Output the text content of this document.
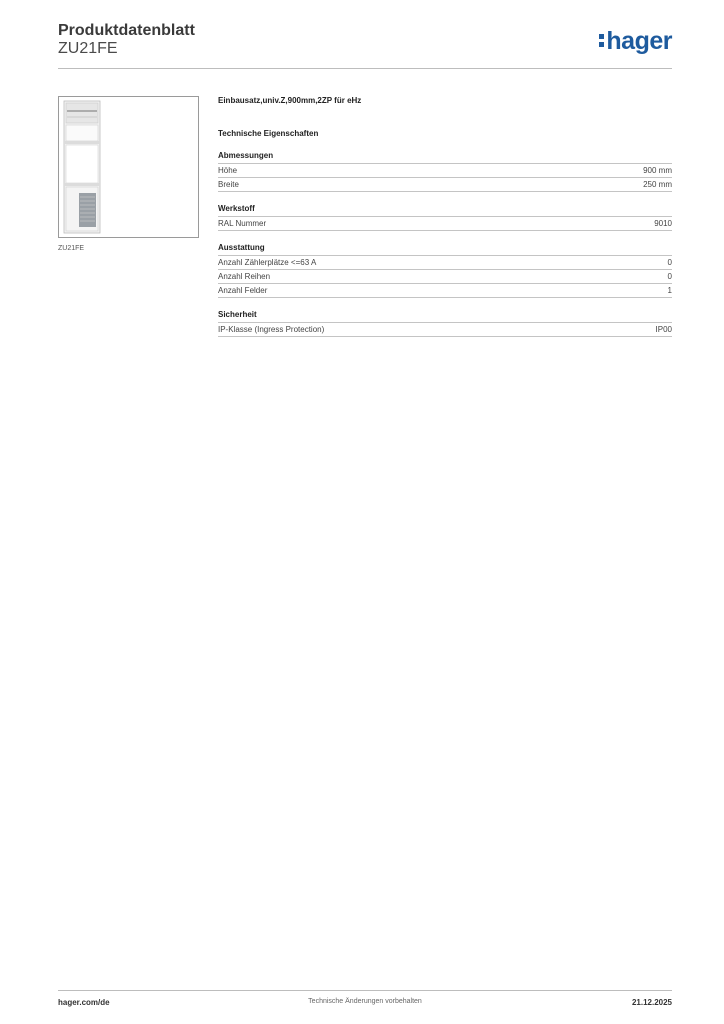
Produktdatenblatt
ZU21FE	hager
ZU21FE
Einbausatz,univ.Z,900mm,2ZP für eHz
Technische Eigenschaften
Abmessungen
Höhe	900 mm
Breite	250 mm
Werkstoff
RAL Nummer	9010
Ausstattung
Anzahl Zählerplätze <=63 A	0
Anzahl Reihen	0
Anzahl Felder	1
Sicherheit
IP-Klasse (Ingress Protection)	IP00
hager.com/de	Technische Änderungen vorbehalten	21.12.2025
